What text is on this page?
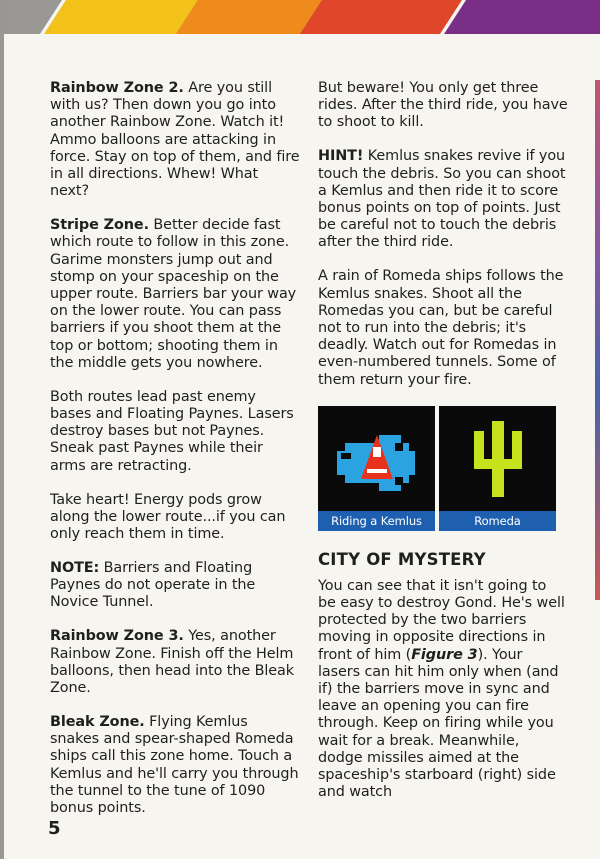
Rainbow Zone 2. Are you still with us? Then down you go into another Rainbow Zone. Watch it! Ammo balloons are attacking in force. Stay on top of them, and fire in all directions. Whew! What next?

Stripe Zone. Better decide fast which route to follow in this zone. Garime monsters jump out and stomp on your spaceship on the upper route. Barriers bar your way on the lower route. You can pass barriers if you shoot them at the top or bottom; shooting them in the middle gets you nowhere.

Both routes lead past enemy bases and Floating Paynes. Lasers destroy bases but not Paynes. Sneak past Paynes while their arms are retracting.

Take heart! Energy pods grow along the lower route...if you can only reach them in time.

NOTE: Barriers and Floating Paynes do not operate in the Novice Tunnel.

Rainbow Zone 3. Yes, another Rainbow Zone. Finish off the Helm balloons, then head into the Bleak Zone.

Bleak Zone. Flying Kemlus snakes and spear-shaped Romeda ships call this zone home. Touch a Kemlus and he'll carry you through the tunnel to the tune of 1090 bonus points.

But beware! You only get three rides. After the third ride, you have to shoot to kill.

HINT! Kemlus snakes revive if you touch the debris. So you can shoot a Kemlus and then ride it to score bonus points on top of points. Just be careful not to touch the debris after the third ride.

A rain of Romeda ships follows the Kemlus snakes. Shoot all the Romedas you can, but be careful not to run into the debris; it's deadly. Watch out for Romedas in even-numbered tunnels. Some of them return your fire.

Riding a Kemlus	Romeda
CITY OF MYSTERY

You can see that it isn't going to be easy to destroy Gond. He's well protected by the two barriers moving in opposite directions in front of him (Figure 3). Your lasers can hit him only when (and if) the barriers move in sync and leave an opening you can fire through. Keep on firing while you wait for a break. Meanwhile, dodge missiles aimed at the spaceship's starboard (right) side and watch

5
